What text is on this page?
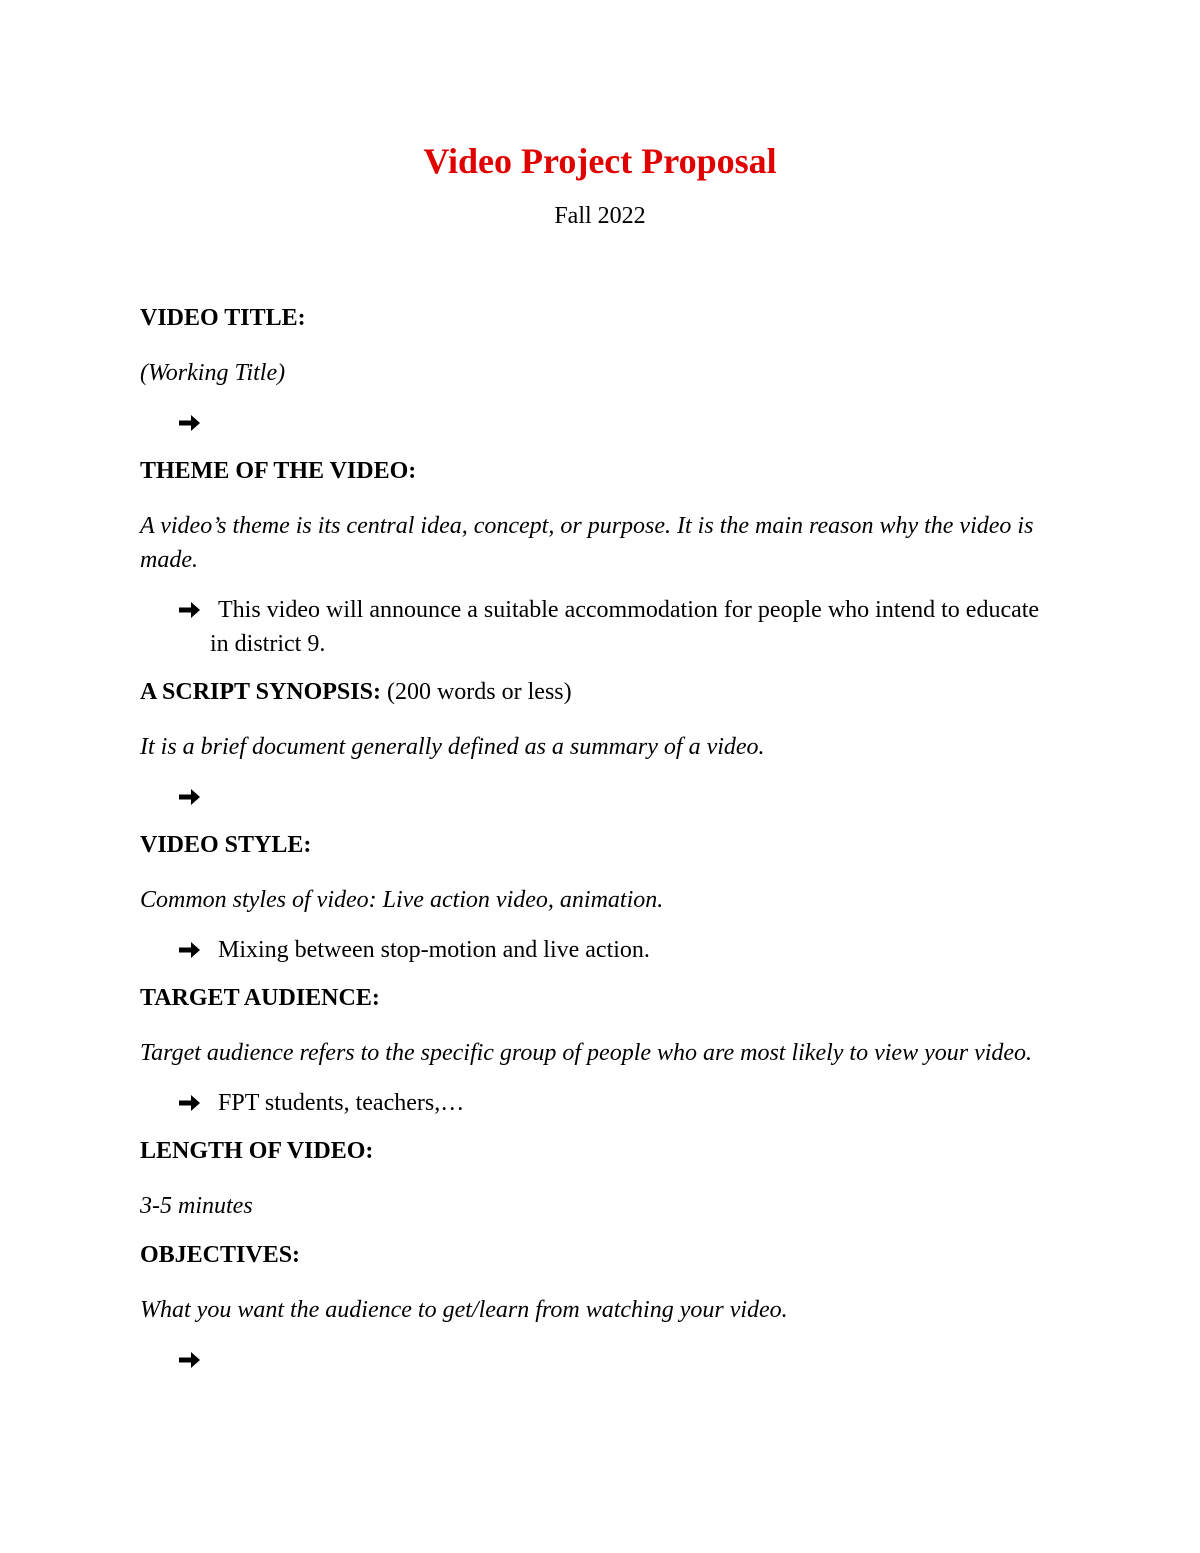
Video Project Proposal

Fall 2022

VIDEO TITLE:

(Working Title)

THEME OF THE VIDEO:

A video’s theme is its central idea, concept, or purpose. It is the main reason why the video is made.

This video will announce a suitable accommodation for people who intend to educate in district 9.

A SCRIPT SYNOPSIS: (200 words or less)

It is a brief document generally defined as a summary of a video.

VIDEO STYLE:

Common styles of video: Live action video, animation.

Mixing between stop-motion and live action.

TARGET AUDIENCE:

Target audience refers to the specific group of people who are most likely to view your video.

FPT students, teachers,…

LENGTH OF VIDEO:

3-5 minutes

OBJECTIVES:

What you want the audience to get/learn from watching your video.
